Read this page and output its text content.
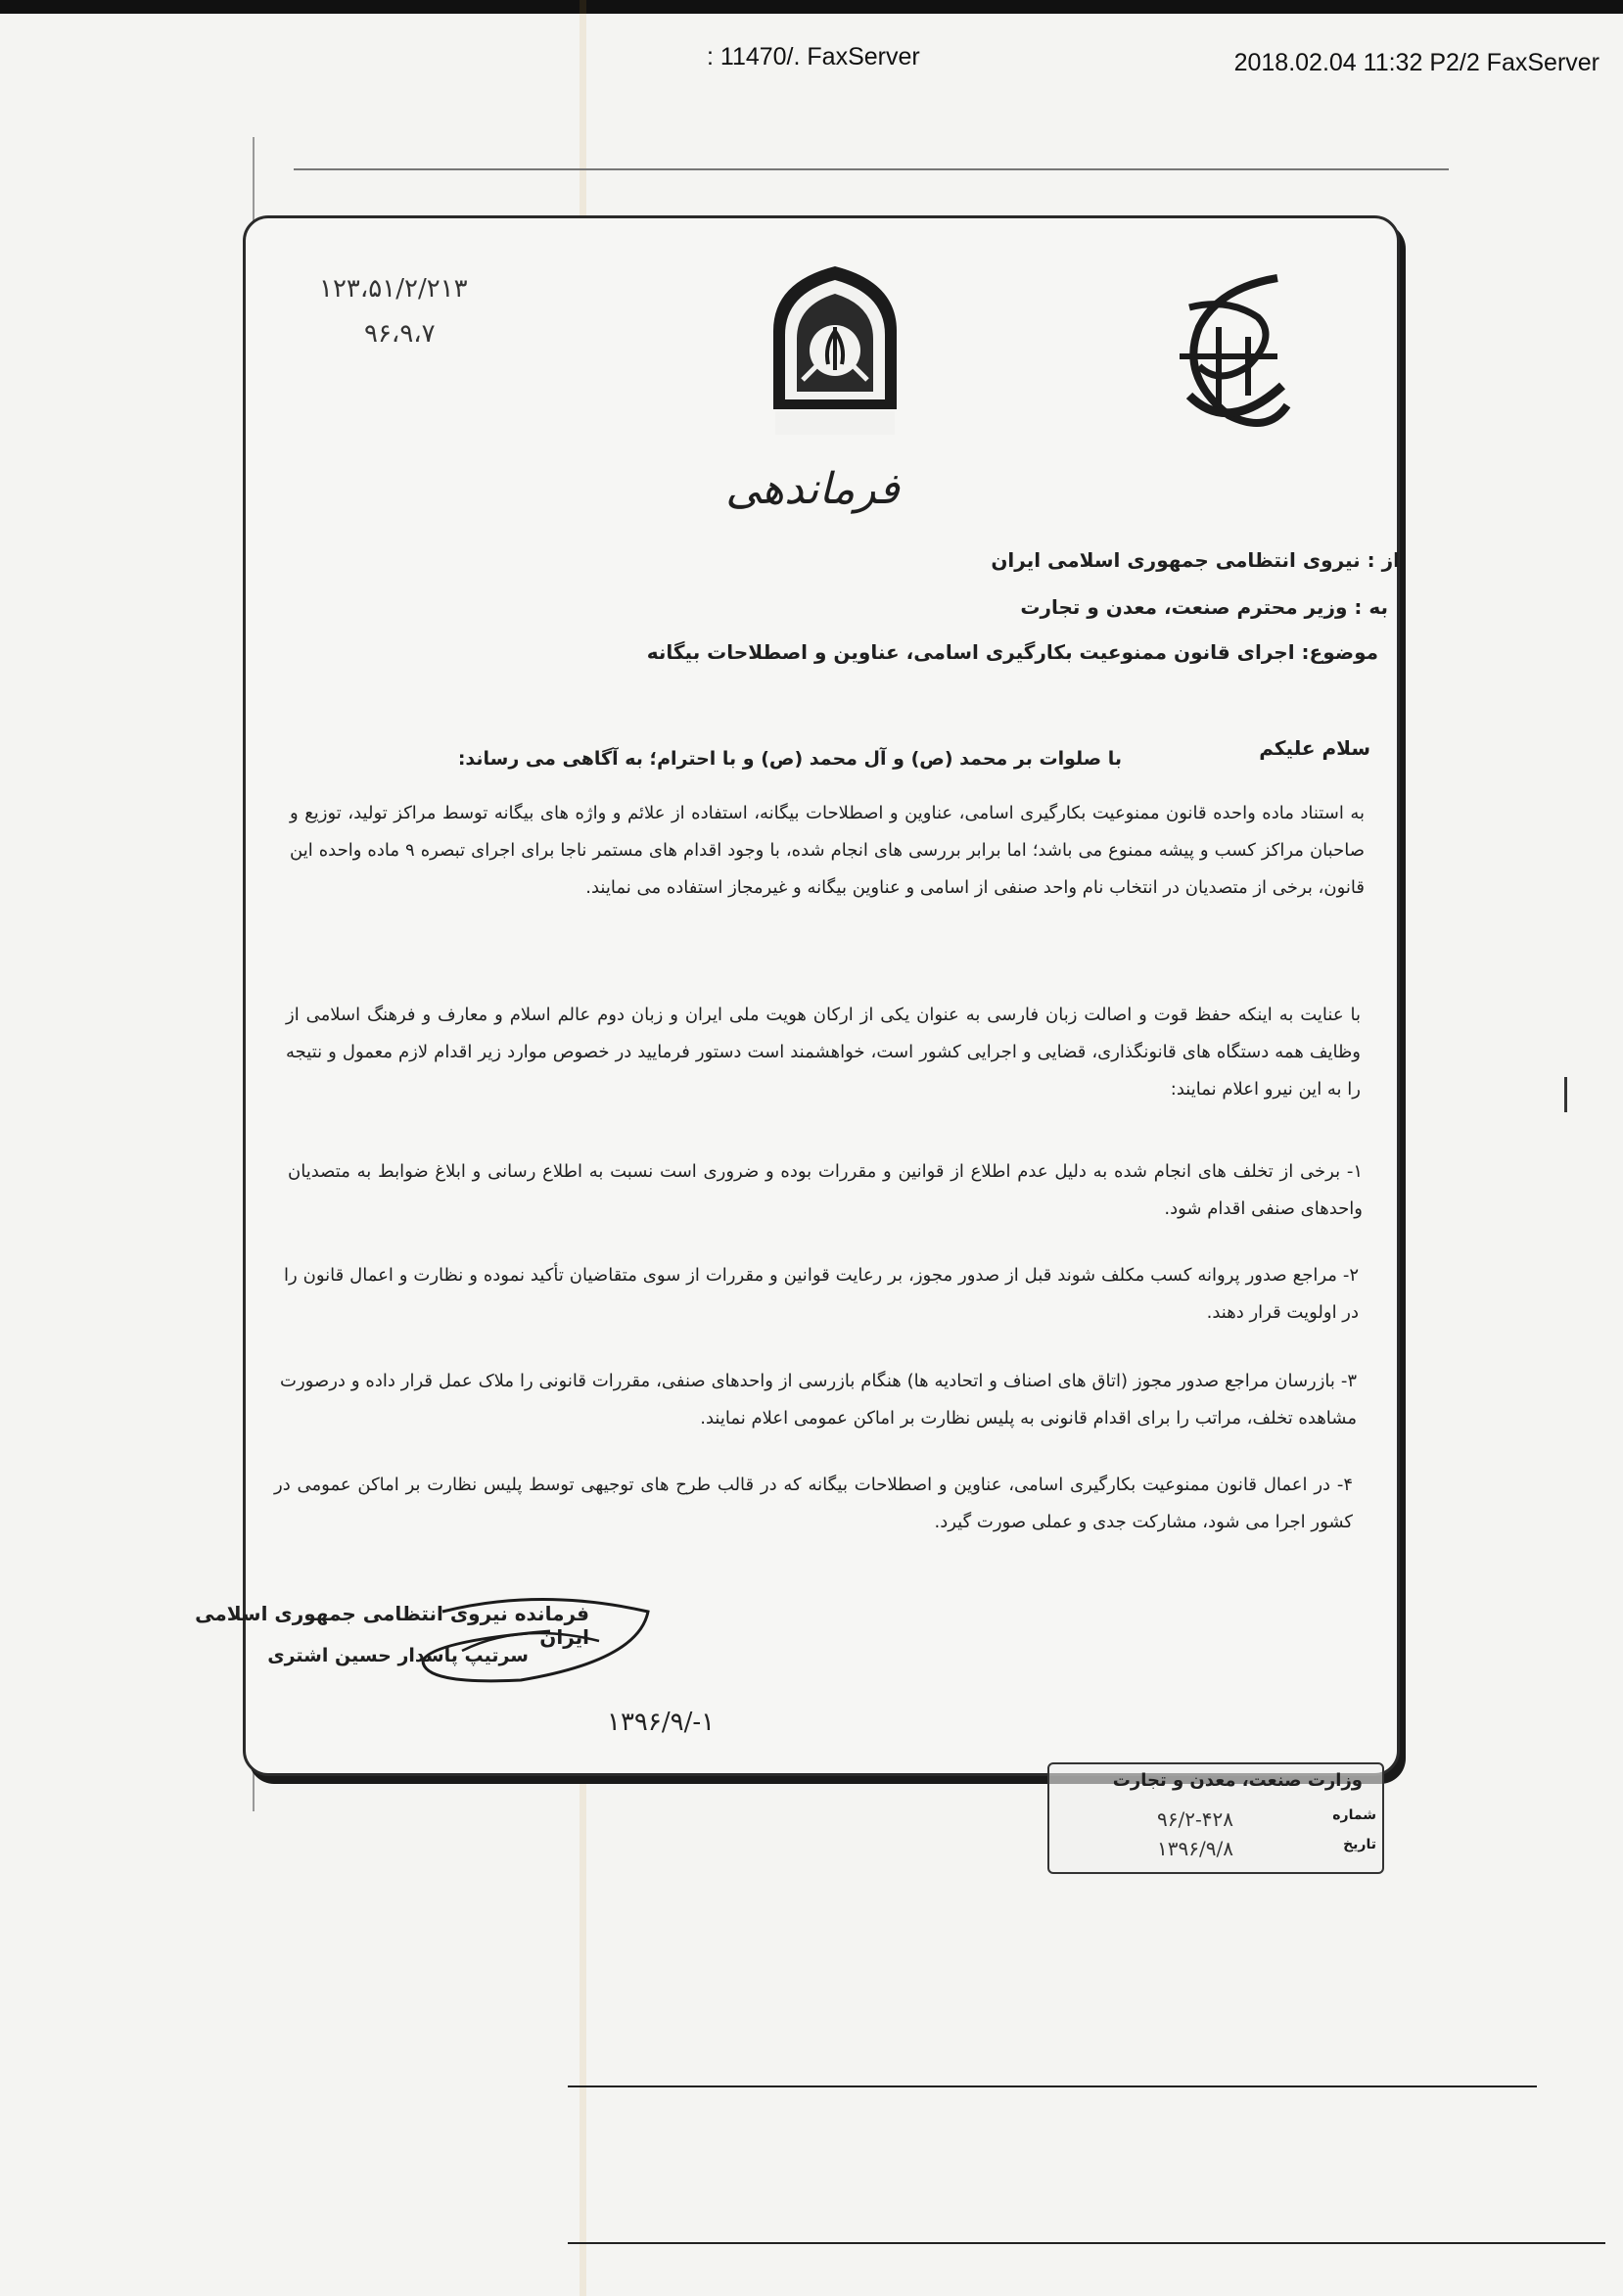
: 11470/. FaxServer	2018.02.04 11:32 P2/2 FaxServer
۱۲۳،۵۱/۲/۲۱۳
۹۶،۹،۷
فرماندهی
از : نیروی انتظامی جمهوری اسلامی ایران
به : وزیر محترم صنعت، معدن و تجارت
موضوع: اجرای قانون ممنوعیت بکارگیری اسامی، عناوین و اصطلاحات بیگانه
سلام علیکم
با صلوات بر محمد (ص) و آل محمد (ص) و با احترام؛ به آگاهی می رساند:
به استناد ماده واحده قانون ممنوعیت بکارگیری اسامی، عناوین و اصطلاحات بیگانه، استفاده از علائم و واژه های بیگانه توسط مراکز تولید، توزیع و صاحبان مراکز کسب و پیشه ممنوع می باشد؛ اما برابر بررسی های انجام شده، با وجود اقدام های مستمر ناجا برای اجرای تبصره ۹ ماده واحده این قانون، برخی از متصدیان در انتخاب نام واحد صنفی از اسامی و عناوین بیگانه و غیرمجاز استفاده می نمایند.
با عنایت به اینکه حفظ قوت و اصالت زبان فارسی به عنوان یکی از ارکان هویت ملی ایران و زبان دوم عالم اسلام و معارف و فرهنگ اسلامی از وظایف همه دستگاه های قانونگذاری، قضایی و اجرایی کشور است، خواهشمند است دستور فرمایید در خصوص موارد زیر اقدام لازم معمول و نتیجه را به این نیرو اعلام نمایند:
۱- برخی از تخلف های انجام شده به دلیل عدم اطلاع از قوانین و مقررات بوده و ضروری است نسبت به اطلاع رسانی و ابلاغ ضوابط به متصدیان واحدهای صنفی اقدام شود.
۲- مراجع صدور پروانه کسب مکلف شوند قبل از صدور مجوز، بر رعایت قوانین و مقررات از سوی متقاضیان تأکید نموده و نظارت و اعمال قانون را در اولویت قرار دهند.
۳- بازرسان مراجع صدور مجوز (اتاق های اصناف و اتحادیه ها) هنگام بازرسی از واحدهای صنفی، مقررات قانونی را ملاک عمل قرار داده و درصورت مشاهده تخلف، مراتب را برای اقدام قانونی به پلیس نظارت بر اماکن عمومی اعلام نمایند.
۴- در اعمال قانون ممنوعیت بکارگیری اسامی، عناوین و اصطلاحات بیگانه که در قالب طرح های توجیهی توسط پلیس نظارت بر اماکن عمومی در کشور اجرا می شود، مشارکت جدی و عملی صورت گیرد.
فرمانده نیروی انتظامی جمهوری اسلامی ایران
سرتیپ پاسدار حسین اشتری
۱۳۹۶/۹/-۱
وزارت صنعت، معدن و تجارت
۹۶/۲-۴۲۸	شماره
۱۳۹۶/۹/۸	تاریخ
